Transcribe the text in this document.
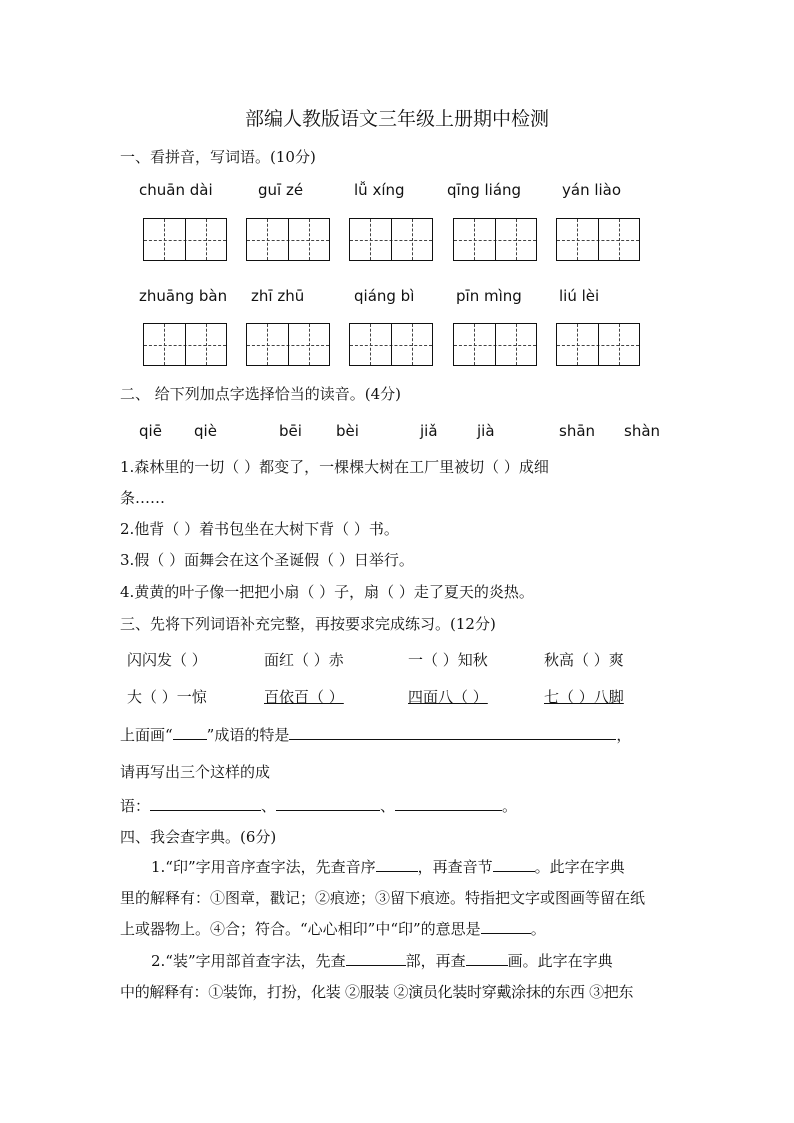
部编人教版语文三年级上册期中检测
一、看拼音，写词语。(10分)
chuān dài	guī zé	lǚ xíng	qīng liáng	yán liào
zhuāng bàn zhī zhū	qiáng bì	pīn mìng liú lèi
二、 给下列加点字选择恰当的读音。(4分)
qiē qiè	bēi bèi	jiǎ	jià	shān shàn
1.森林里的一切（ ）都变了，一棵棵大树在工厂里被切（ ）成细
条……
2.他背（ ）着书包坐在大树下背（ ）书。
3.假（ ）面舞会在这个圣诞假（ ）日举行。
4.黄黄的叶子像一把把小扇（ ）子，扇（ ）走了夏天的炎热。
三、先将下列词语补充完整，再按要求完成练习。(12分)
闪闪发（ ）	面红（ ）赤	一（ ）知秋	秋高（ ）爽
大（ ）一惊	百依百（ ）	四面八（ ）	七（ ）八脚
上面画“ ”成语的特是	，
请再写出三个这样的成
语：	、	、	。
四、我会查字典。(6分)
1.“印”字用音序查字法，先查音序	，再查音节	。此字在字典
里的解释有：①图章，戳记；②痕迹；③留下痕迹。特指把文字或图画等留在纸
上或器物上。④合；符合。“心心相印”中“印”的意思是	。
2.“装”字用部首查字法，先查	部，再查	画。此字在字典
中的解释有：①装饰，打扮，化装 ②服装 ②演员化装时穿戴涂抹的东西 ③把东
